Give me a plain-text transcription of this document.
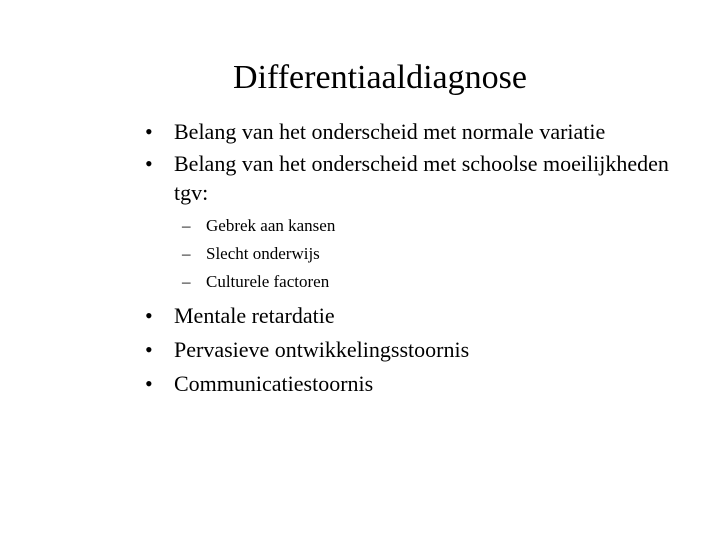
Differentiaaldiagnose
• Belang van het onderscheid met normale variatie
• Belang van het onderscheid met schoolse moeilijkheden
tgv:
– Gebrek aan kansen
– Slecht onderwijs
– Culturele factoren
• Mentale retardatie
• Pervasieve ontwikkelingsstoornis
• Communicatiestoornis
